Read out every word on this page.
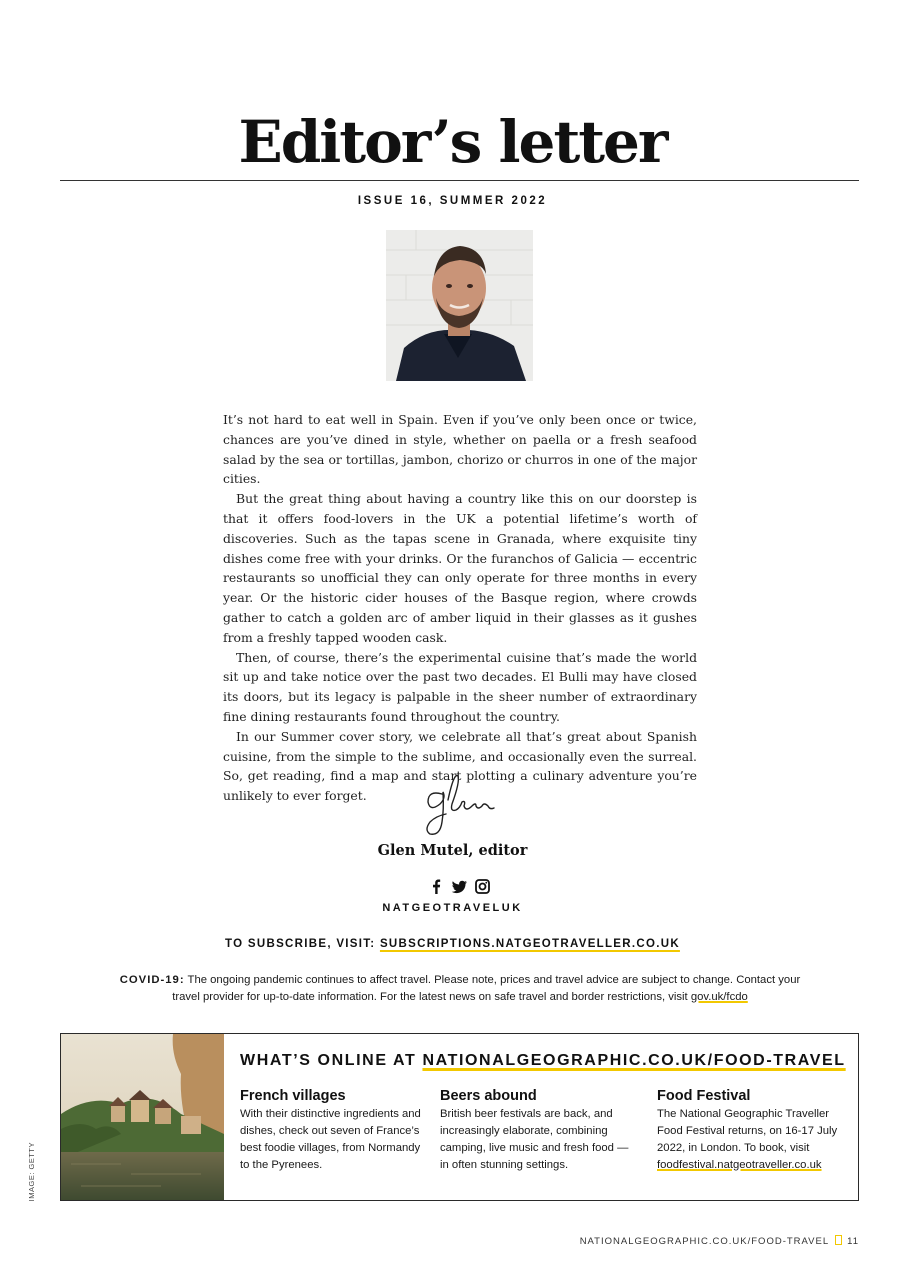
Editor’s letter
ISSUE 16, SUMMER 2022

It’s not hard to eat well in Spain. Even if you’ve only been once or twice, chances are you’ve dined in style, whether on paella or a fresh seafood salad by the sea or tortillas, jambon, chorizo or churros in one of the major cities.

But the great thing about having a country like this on our doorstep is that it offers food-lovers in the UK a potential lifetime’s worth of discoveries. Such as the tapas scene in Granada, where exquisite tiny dishes come free with your drinks. Or the furanchos of Galicia — eccentric restaurants so unofficial they can only operate for three months in every year. Or the historic cider houses of the Basque region, where crowds gather to catch a golden arc of amber liquid in their glasses as it gushes from a freshly tapped wooden cask.

Then, of course, there’s the experimental cuisine that’s made the world sit up and take notice over the past two decades. El Bulli may have closed its doors, but its legacy is palpable in the sheer number of extraordinary fine dining restaurants found throughout the country.

In our Summer cover story, we celebrate all that’s great about Spanish cuisine, from the simple to the sublime, and occasionally even the surreal. So, get reading, find a map and start plotting a culinary adventure you’re unlikely to ever forget.

Glen Mutel, editor
NATGEOTRAVELUK
TO SUBSCRIBE, VISIT: SUBSCRIPTIONS.NATGEOTRAVELLER.CO.UK
COVID-19: The ongoing pandemic continues to affect travel. Please note, prices and travel advice are subject to change. Contact your travel provider for up-to-date information. For the latest news on safe travel and border restrictions, visit gov.uk/fcdo
WHAT’S ONLINE AT NATIONALGEOGRAPHIC.CO.UK/FOOD-TRAVEL
French villages
With their distinctive ingredients and dishes, check out seven of France’s best foodie villages, from Normandy to the Pyrenees.
Beers abound
British beer festivals are back, and increasingly elaborate, combining camping, live music and fresh food — in often stunning settings.
Food Festival
The National Geographic Traveller Food Festival returns, on 16-17 July 2022, in London. To book, visit foodfestival.natgeotraveller.co.uk
IMAGE: GETTY
NATIONALGEOGRAPHIC.CO.UK/FOOD-TRAVEL 11
